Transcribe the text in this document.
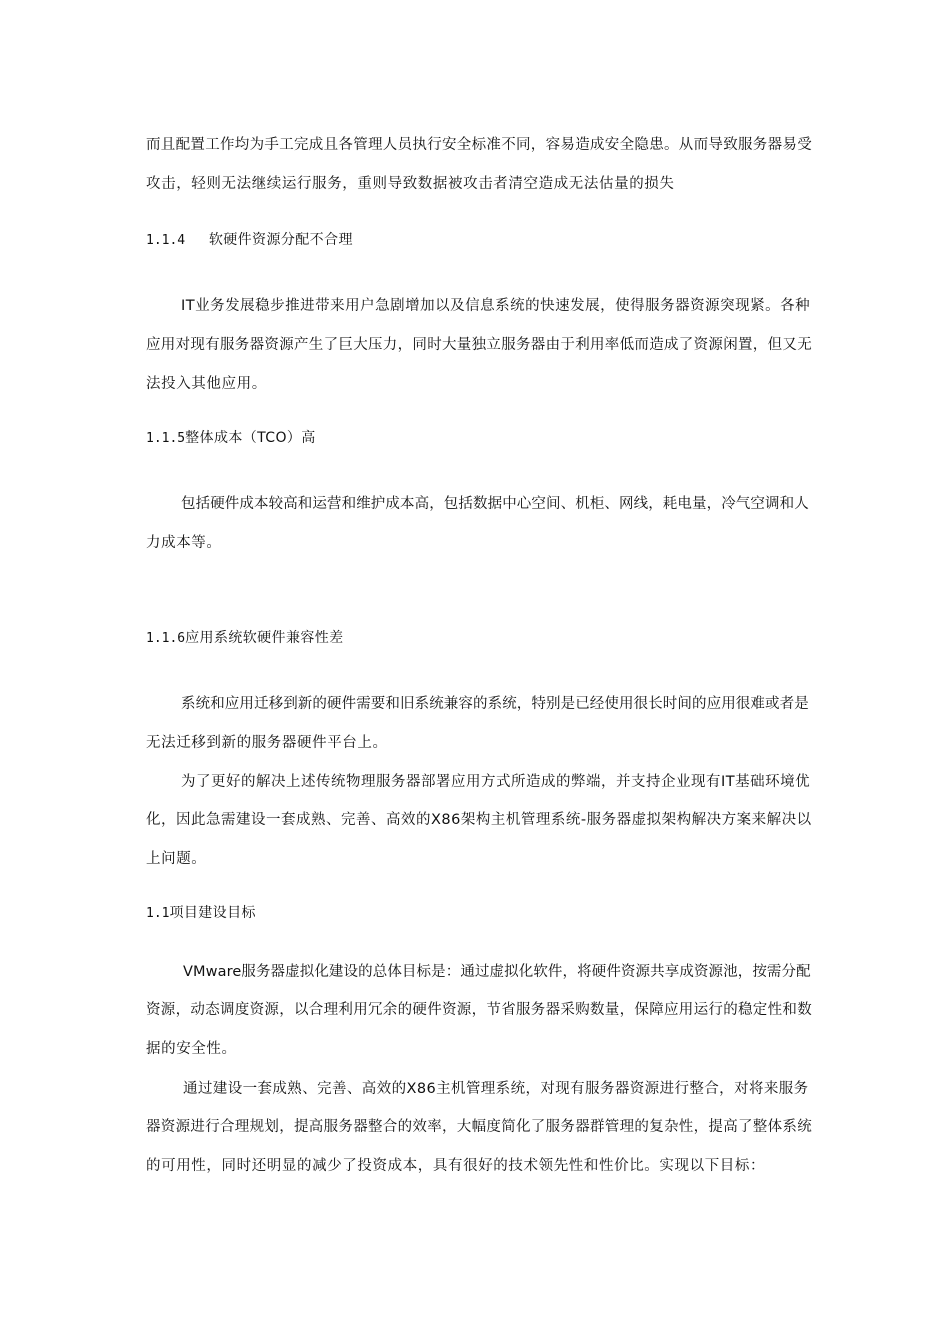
而且配置工作均为手工完成且各管理人员执行安全标准不同，容易造成安全隐患。从而导致服务器易受
攻击，轻则无法继续运行服务，重则导致数据被攻击者清空造成无法估量的损失
1.1.4 软硬件资源分配不合理
IT业务发展稳步推进带来用户急剧增加以及信息系统的快速发展，使得服务器资源突现紧。各种
应用对现有服务器资源产生了巨大压力，同时大量独立服务器由于利用率低而造成了资源闲置，但又无
法投入其他应用。
1.1.5整体成本（TCO）高
包括硬件成本较高和运营和维护成本高，包括数据中心空间、机柜、网线，耗电量，冷气空调和人
力成本等。
1.1.6应用系统软硬件兼容性差
系统和应用迁移到新的硬件需要和旧系统兼容的系统，特别是已经使用很长时间的应用很难或者是
无法迁移到新的服务器硬件平台上。
为了更好的解决上述传统物理服务器部署应用方式所造成的弊端，并支持企业现有IT基础环境优
化，因此急需建设一套成熟、完善、高效的X86架构主机管理系统-服务器虚拟架构解决方案来解决以
上问题。
1.1项目建设目标
VMware服务器虚拟化建设的总体目标是：通过虚拟化软件，将硬件资源共享成资源池，按需分配
资源，动态调度资源，以合理利用冗余的硬件资源，节省服务器采购数量，保障应用运行的稳定性和数
据的安全性。
通过建设一套成熟、完善、高效的X86主机管理系统，对现有服务器资源进行整合，对将来服务
器资源进行合理规划，提高服务器整合的效率，大幅度简化了服务器群管理的复杂性，提高了整体系统
的可用性，同时还明显的减少了投资成本，具有很好的技术领先性和性价比。实现以下目标：
